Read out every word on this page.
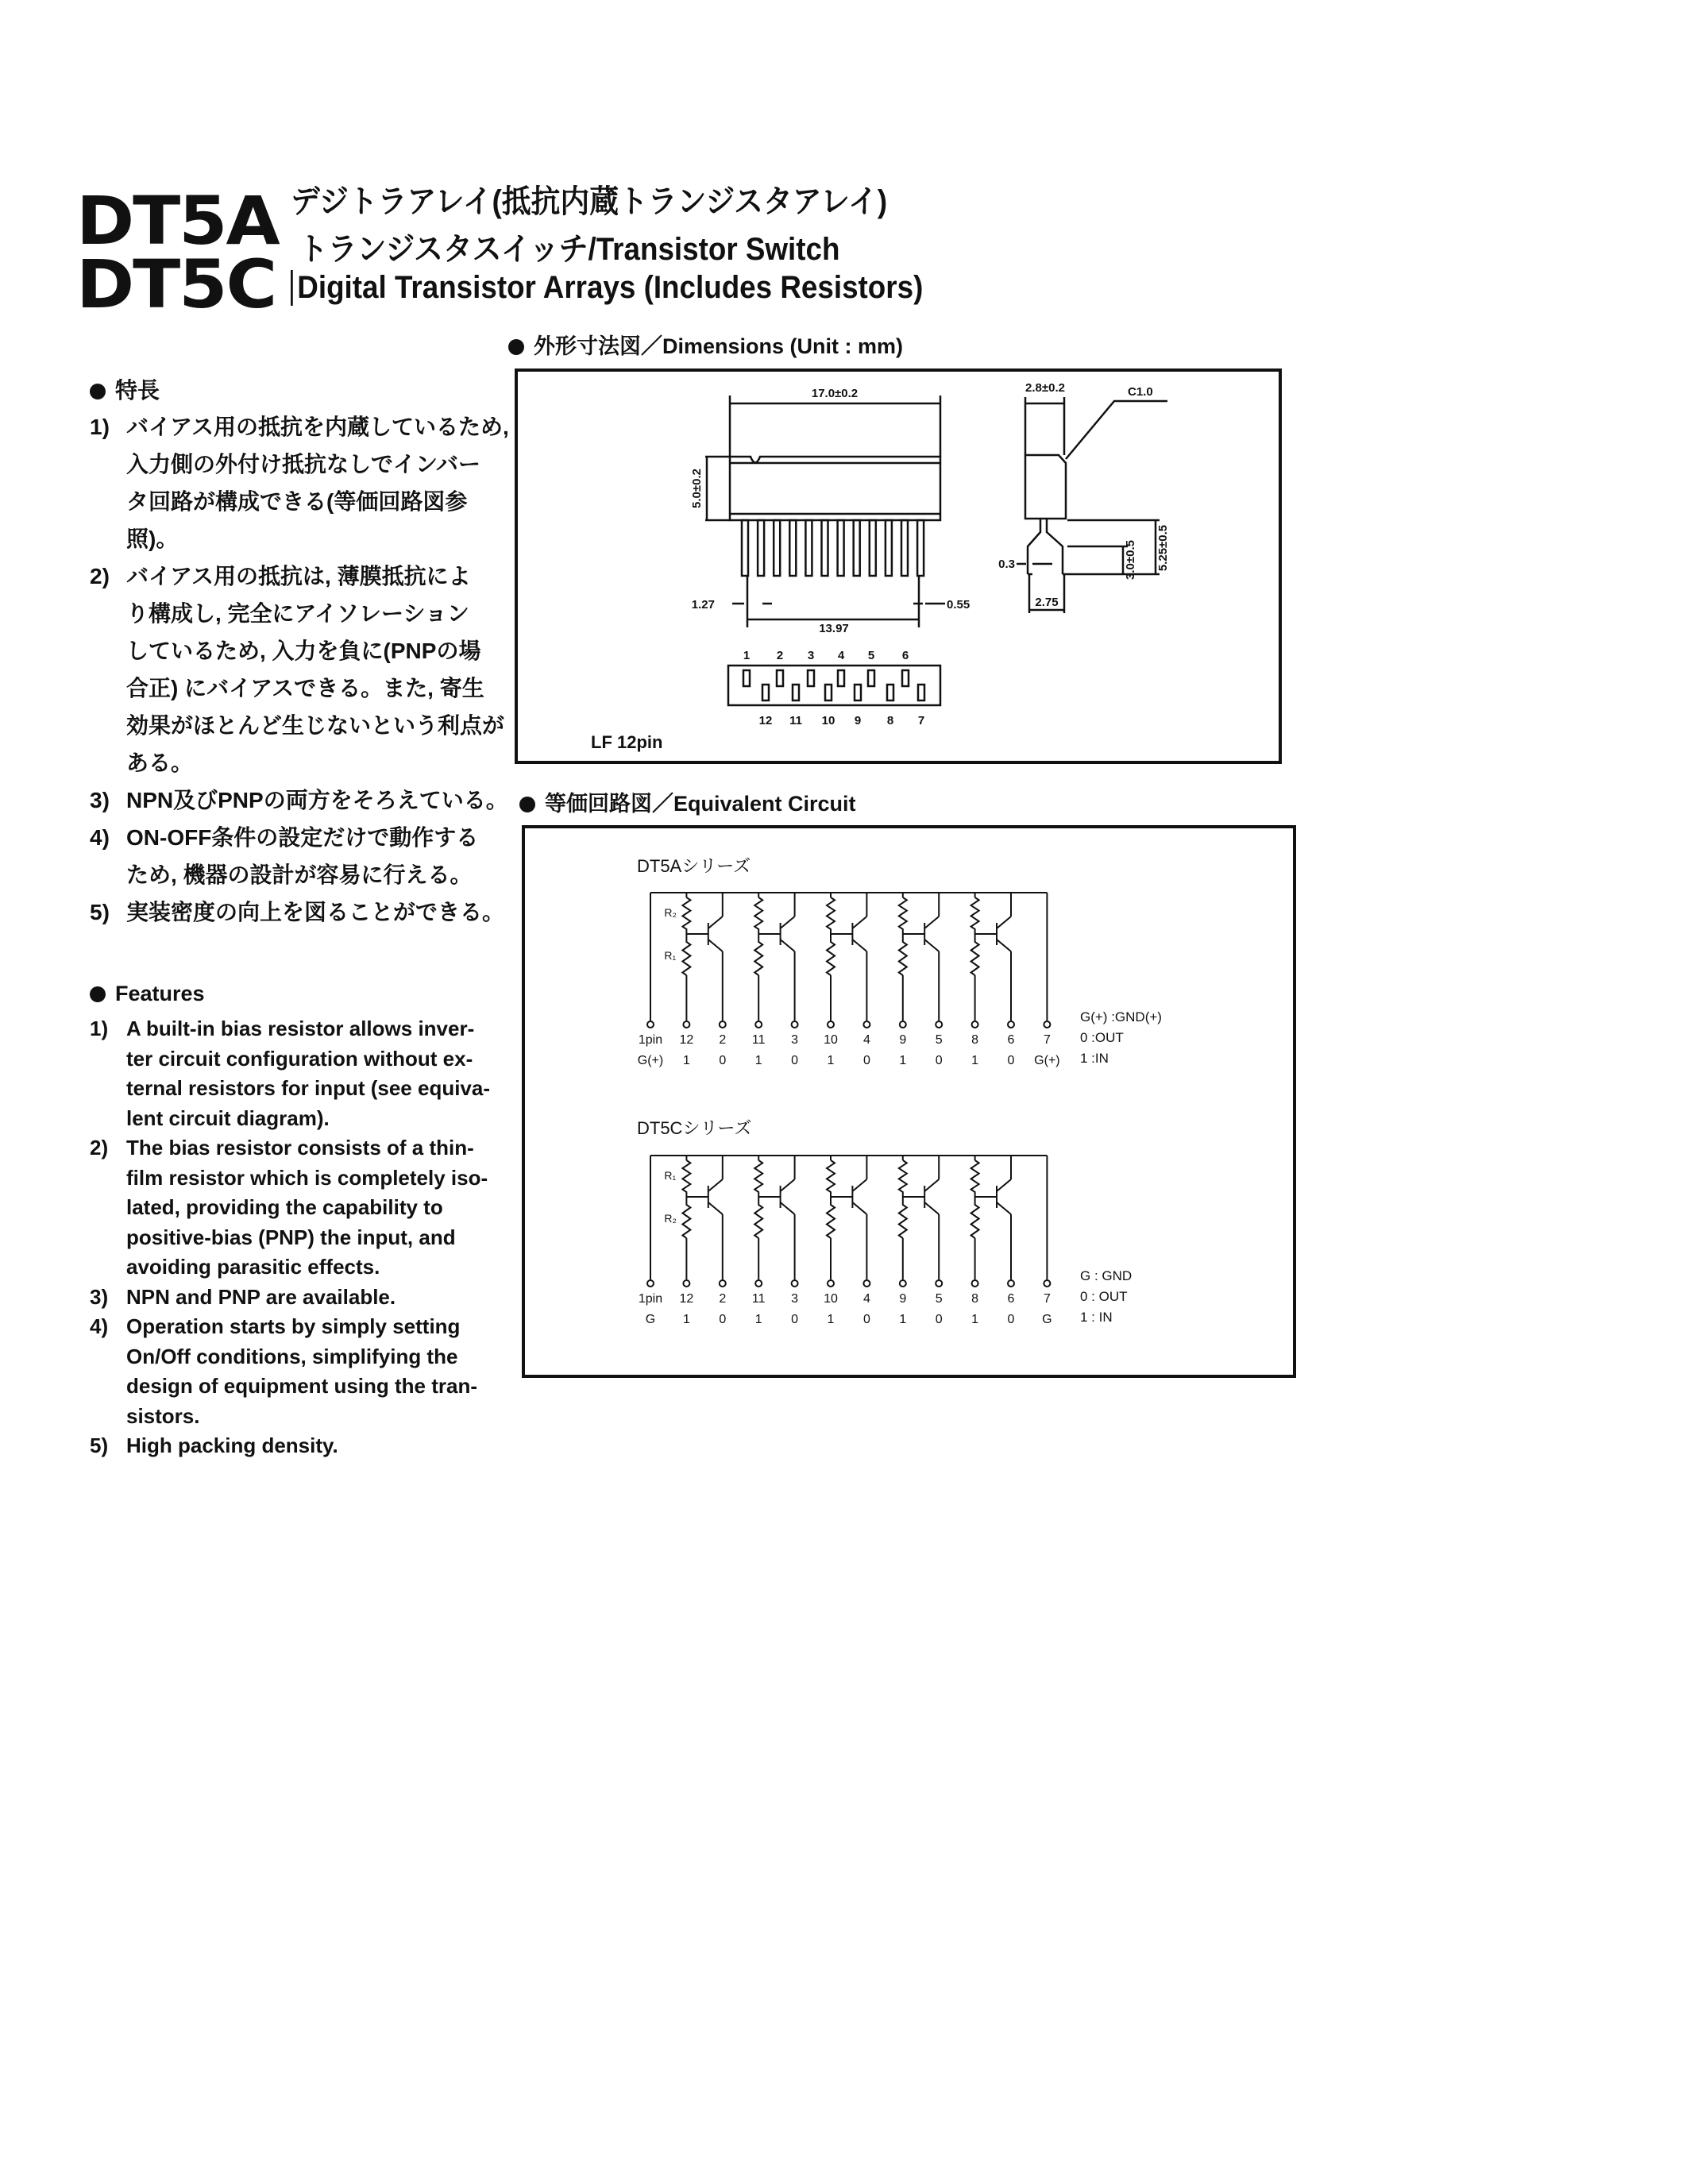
DT5A
DT5C
デジトラアレイ(抵抗内蔵トランジスタアレイ)
トランジスタスイッチ/Transistor Switch
Digital Transistor Arrays (Includes Resistors)
特長
1) バイアス用の抵抗を内蔵しているため,
入力側の外付け抵抗なしでインバー
タ回路が構成できる(等価回路図参
照)。
2) バイアス用の抵抗は, 薄膜抵抗によ
り構成し, 完全にアイソレーション
しているため, 入力を負に(PNPの場
合正) にバイアスできる。また, 寄生
効果がほとんど生じないという利点が
ある。
3) NPN及びPNPの両方をそろえている。
4) ON-OFF条件の設定だけで動作する
ため, 機器の設計が容易に行える。
5) 実装密度の向上を図ることができる。
Features
1) A built-in bias resistor allows inver-
ter circuit configuration without ex-
ternal resistors for input (see equiva-
lent circuit diagram).
2) The bias resistor consists of a thin-
film resistor which is completely iso-
lated, providing the capability to
positive-bias (PNP) the input, and
avoiding parasitic effects.
3) NPN and PNP are available.
4) Operation starts by simply setting
On/Off conditions, simplifying the
design of equipment using the tran-
sistors.
5) High packing density.
外形寸法図／Dimensions (Unit : mm)
17.0±0.2
5.0±0.2
1.27	0.55
13.97
2.8±0.2	C1.0
0.3	3.0±0.5 5.25±0.5
2.75
1 2 3 4 5 6
12 11 10 9 8 7
LF 12pin
DT5Aシリーズ
1pin
G(+)
12
1
2
0
11
1
3
0
10
1
4
0
9
1
5
0
8
1
6
0
7
G(+)
R₂
R₁
G(+) :GND(+)
0 :OUT
1 :IN
DT5Cシリーズ
1pin
G
12
1
2
0
11
1
3
0
10
1
4
0
9
1
5
0
8
1
6
0
7
G
R₁
R₂
G : GND
0 : OUT
1 : IN
等価回路図／Equivalent Circuit
